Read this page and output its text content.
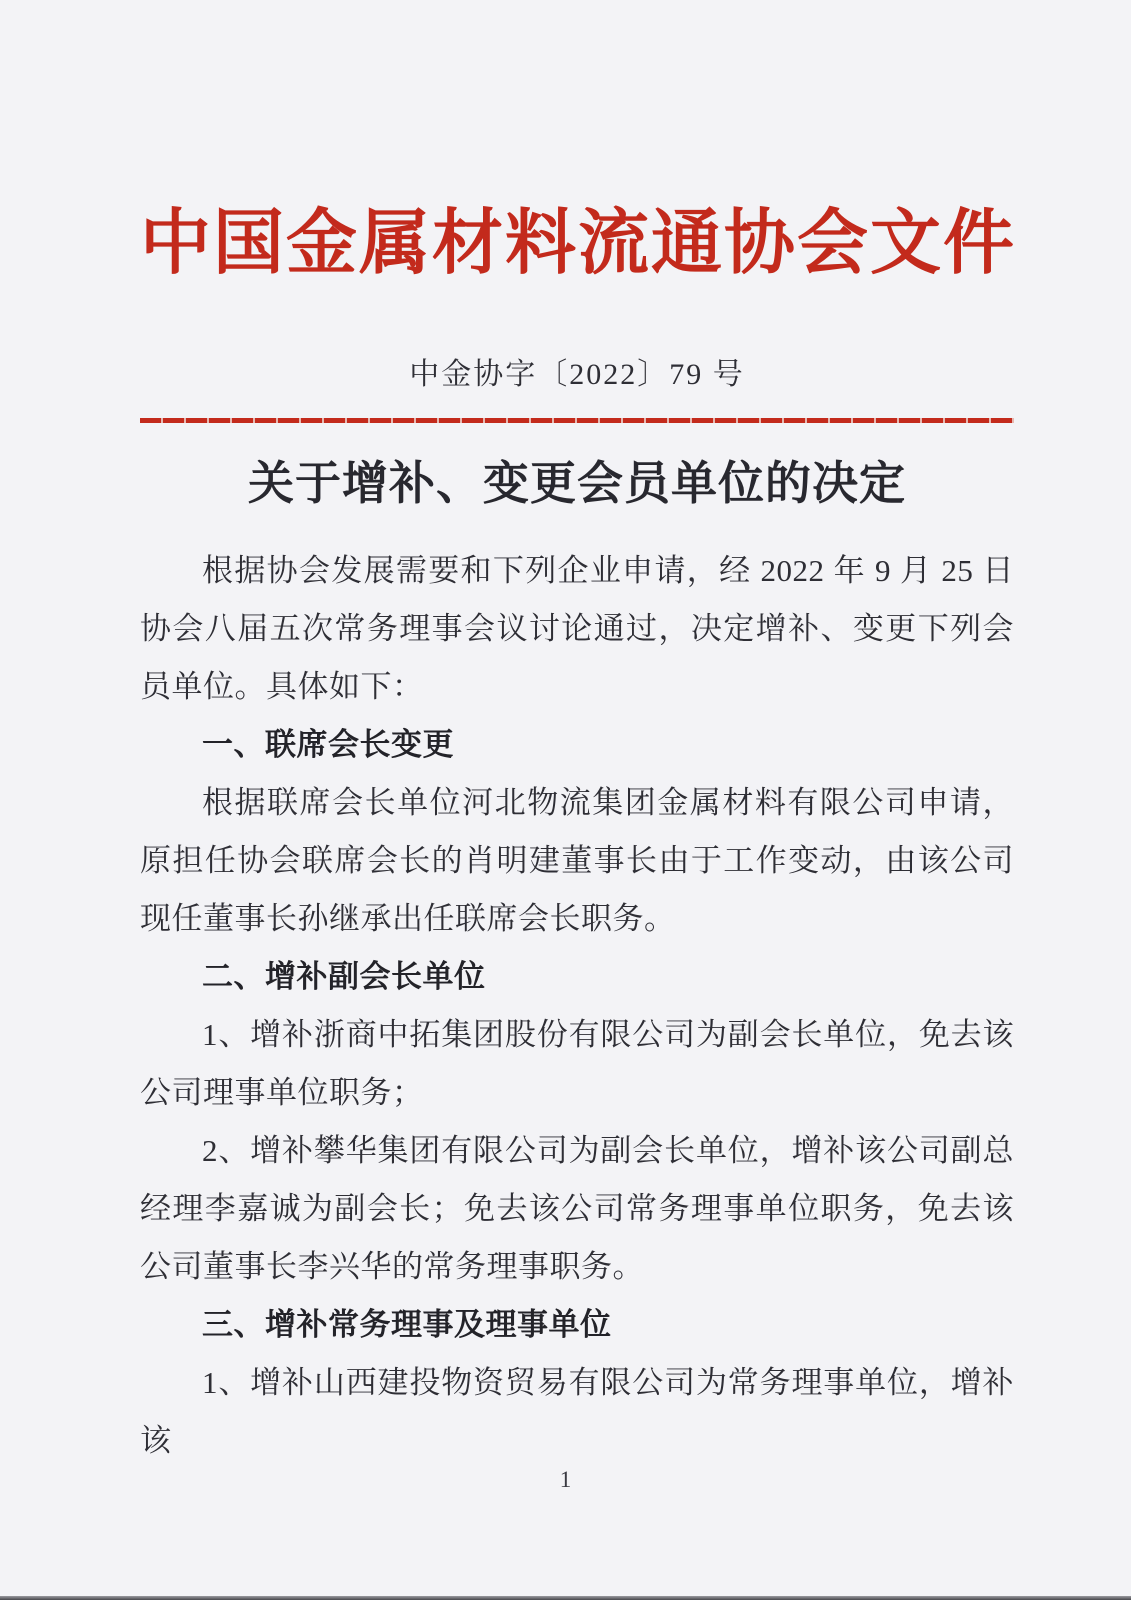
中国金属材料流通协会文件
中金协字〔2022〕79 号
关于增补、变更会员单位的决定
根据协会发展需要和下列企业申请，经 2022 年 9 月 25 日协会八届五次常务理事会议讨论通过，决定增补、变更下列会员单位。具体如下：
一、联席会长变更
根据联席会长单位河北物流集团金属材料有限公司申请，原担任协会联席会长的肖明建董事长由于工作变动，由该公司现任董事长孙继承出任联席会长职务。
二、增补副会长单位
1、增补浙商中拓集团股份有限公司为副会长单位，免去该公司理事单位职务；
2、增补攀华集团有限公司为副会长单位，增补该公司副总经理李嘉诚为副会长；免去该公司常务理事单位职务，免去该公司董事长李兴华的常务理事职务。
三、增补常务理事及理事单位
1、增补山西建投物资贸易有限公司为常务理事单位，增补该
1
